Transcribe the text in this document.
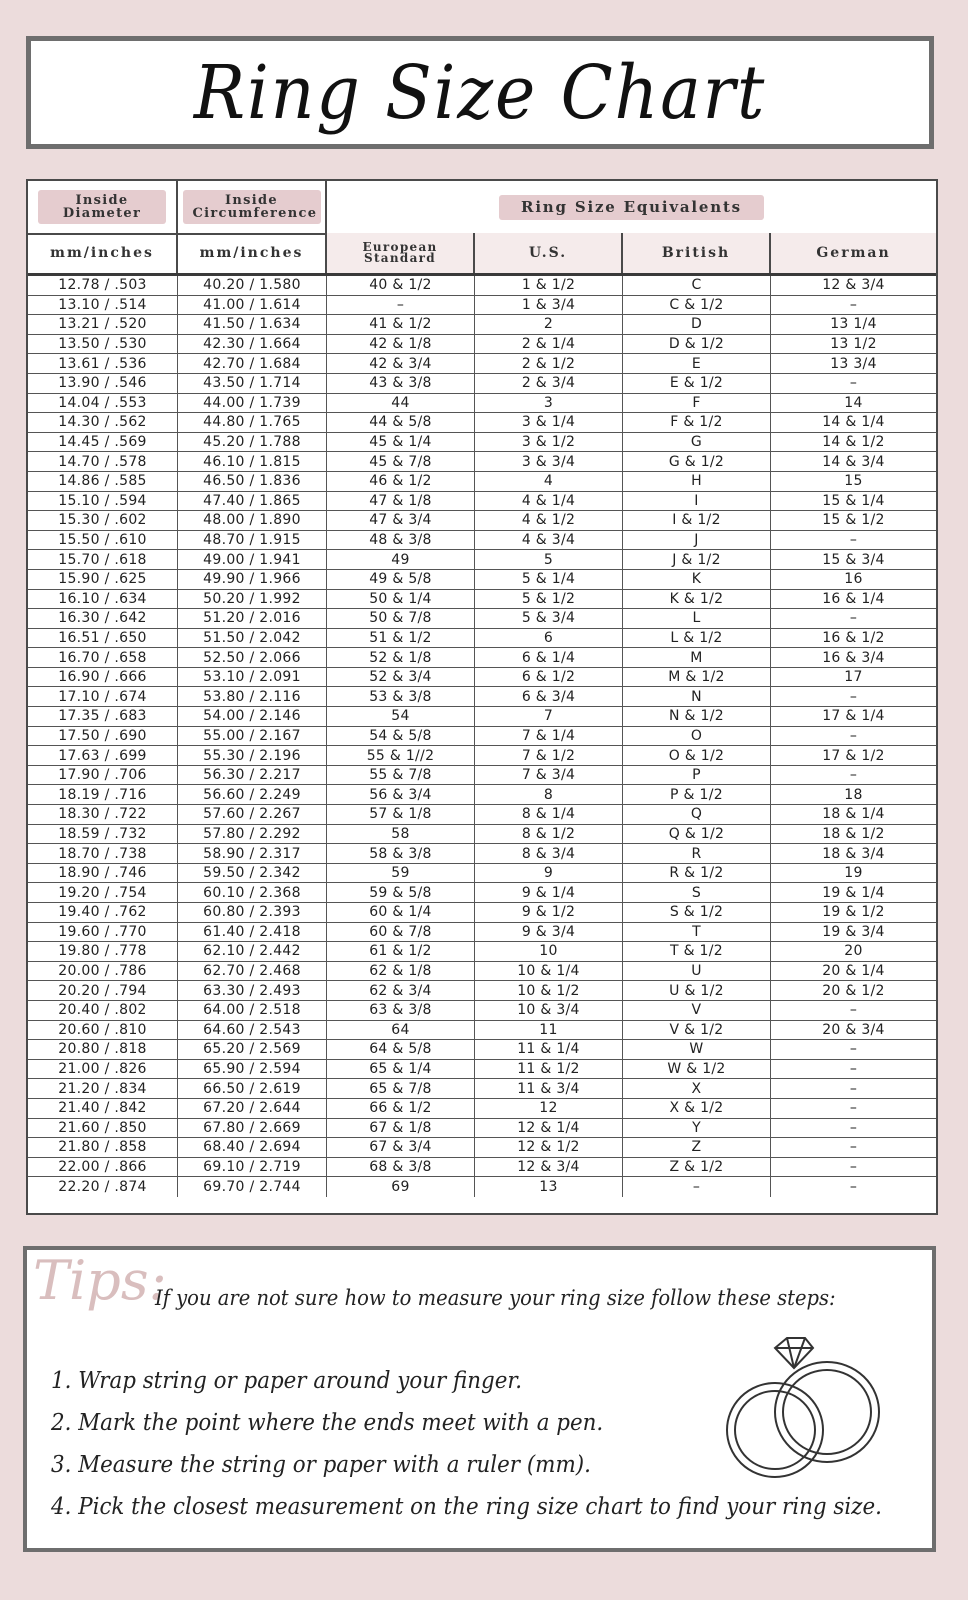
Ring Size Chart
Inside Diameter
Inside Circumference	Ring Size Equivalents
mm/inches	mm/inches	European Standard	U.S.	British	German
12.78 / .503	40.20 / 1.580	40 & 1/2	1 & 1/2	C	12 & 3/4
13.10 / .514	41.00 / 1.614	–	1 & 3/4	C & 1/2	–
13.21 / .520	41.50 / 1.634	41 & 1/2	2	D	13 1/4
13.50 / .530	42.30 / 1.664	42 & 1/8	2 & 1/4	D & 1/2	13 1/2
13.61 / .536	42.70 / 1.684	42 & 3/4	2 & 1/2	E	13 3/4
13.90 / .546	43.50 / 1.714	43 & 3/8	2 & 3/4	E & 1/2	–
14.04 / .553	44.00 / 1.739	44	3	F	14
14.30 / .562	44.80 / 1.765	44 & 5/8	3 & 1/4	F & 1/2	14 & 1/4
14.45 / .569	45.20 / 1.788	45 & 1/4	3 & 1/2	G	14 & 1/2
14.70 / .578	46.10 / 1.815	45 & 7/8	3 & 3/4	G & 1/2	14 & 3/4
14.86 / .585	46.50 / 1.836	46 & 1/2	4	H	15
15.10 / .594	47.40 / 1.865	47 & 1/8	4 & 1/4	I	15 & 1/4
15.30 / .602	48.00 / 1.890	47 & 3/4	4 & 1/2	I & 1/2	15 & 1/2
15.50 / .610	48.70 / 1.915	48 & 3/8	4 & 3/4	J	–
15.70 / .618	49.00 / 1.941	49	5	J & 1/2	15 & 3/4
15.90 / .625	49.90 / 1.966	49 & 5/8	5 & 1/4	K	16
16.10 / .634	50.20 / 1.992	50 & 1/4	5 & 1/2	K & 1/2	16 & 1/4
16.30 / .642	51.20 / 2.016	50 & 7/8	5 & 3/4	L	–
16.51 / .650	51.50 / 2.042	51 & 1/2	6	L & 1/2	16 & 1/2
16.70 / .658	52.50 / 2.066	52 & 1/8	6 & 1/4	M	16 & 3/4
16.90 / .666	53.10 / 2.091	52 & 3/4	6 & 1/2	M & 1/2	17
17.10 / .674	53.80 / 2.116	53 & 3/8	6 & 3/4	N	–
17.35 / .683	54.00 / 2.146	54	7	N & 1/2	17 & 1/4
17.50 / .690	55.00 / 2.167	54 & 5/8	7 & 1/4	O	–
17.63 / .699	55.30 / 2.196	55 & 1//2	7 & 1/2	O & 1/2	17 & 1/2
17.90 / .706	56.30 / 2.217	55 & 7/8	7 & 3/4	P	–
18.19 / .716	56.60 / 2.249	56 & 3/4	8	P & 1/2	18
18.30 / .722	57.60 / 2.267	57 & 1/8	8 & 1/4	Q	18 & 1/4
18.59 / .732	57.80 / 2.292	58	8 & 1/2	Q & 1/2	18 & 1/2
18.70 / .738	58.90 / 2.317	58 & 3/8	8 & 3/4	R	18 & 3/4
18.90 / .746	59.50 / 2.342	59	9	R & 1/2	19
19.20 / .754	60.10 / 2.368	59 & 5/8	9 & 1/4	S	19 & 1/4
19.40 / .762	60.80 / 2.393	60 & 1/4	9 & 1/2	S & 1/2	19 & 1/2
19.60 / .770	61.40 / 2.418	60 & 7/8	9 & 3/4	T	19 & 3/4
19.80 / .778	62.10 / 2.442	61 & 1/2	10	T & 1/2	20
20.00 / .786	62.70 / 2.468	62 & 1/8	10 & 1/4	U	20 & 1/4
20.20 / .794	63.30 / 2.493	62 & 3/4	10 & 1/2	U & 1/2	20 & 1/2
20.40 / .802	64.00 / 2.518	63 & 3/8	10 & 3/4	V	–
20.60 / .810	64.60 / 2.543	64	11	V & 1/2	20 & 3/4
20.80 / .818	65.20 / 2.569	64 & 5/8	11 & 1/4	W	–
21.00 / .826	65.90 / 2.594	65 & 1/4	11 & 1/2	W & 1/2	–
21.20 / .834	66.50 / 2.619	65 & 7/8	11 & 3/4	X	–
21.40 / .842	67.20 / 2.644	66 & 1/2	12	X & 1/2	–
21.60 / .850	67.80 / 2.669	67 & 1/8	12 & 1/4	Y	–
21.80 / .858	68.40 / 2.694	67 & 3/4	12 & 1/2	Z	–
22.00 / .866	69.10 / 2.719	68 & 3/8	12 & 3/4	Z & 1/2	–
22.20 / .874	69.70 / 2.744	69	13	–	–
Tips:
If you are not sure how to measure your ring size follow these steps:
1. Wrap string or paper around your finger.
2. Mark the point where the ends meet with a pen.
3. Measure the string or paper with a ruler (mm).
4. Pick the closest measurement on the ring size chart to find your ring size.
